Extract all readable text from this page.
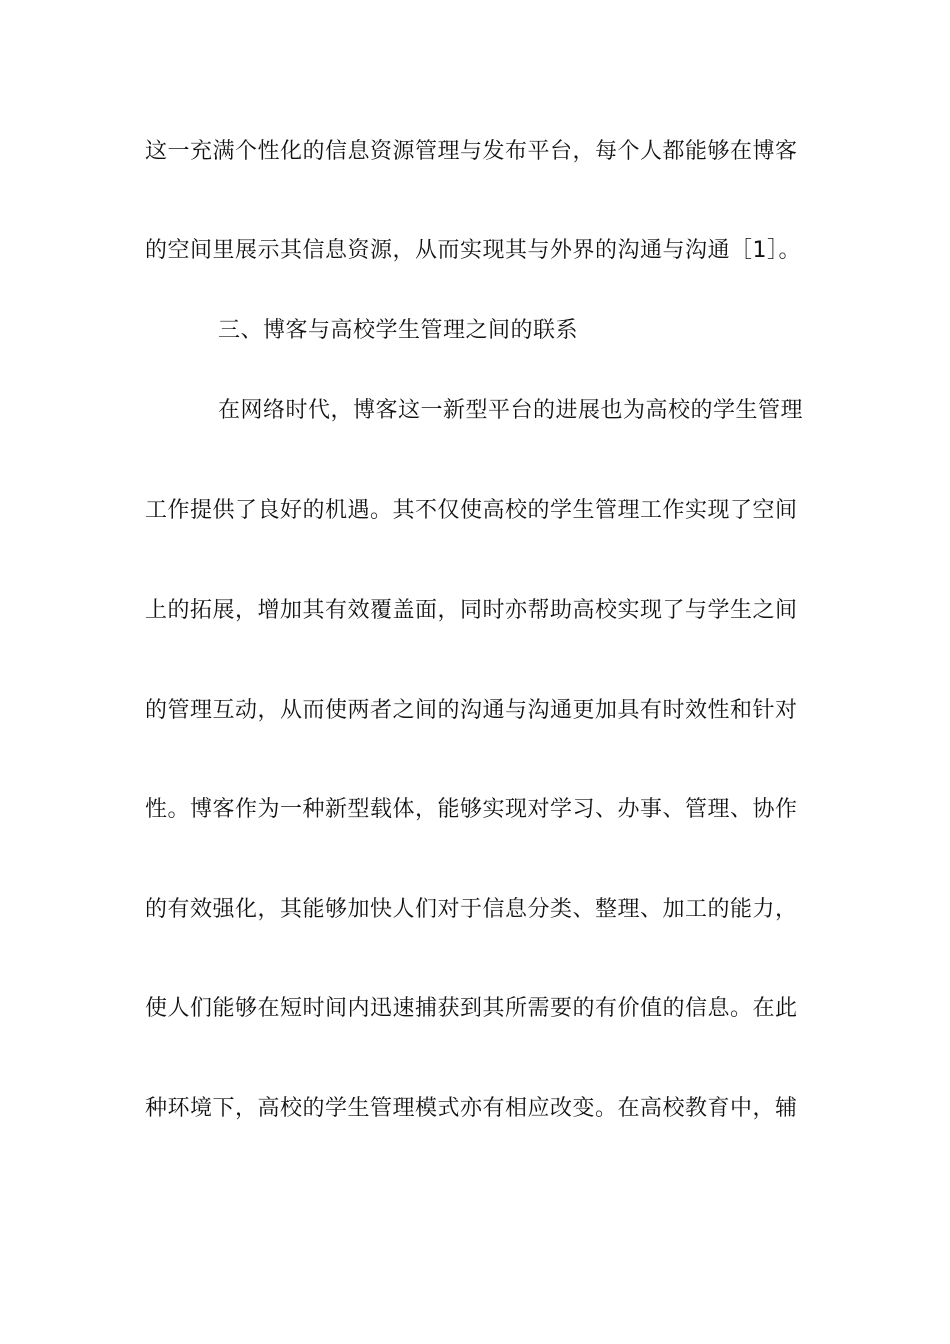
这一充满个性化的信息资源管理与发布平台，每个人都能够在博客
的空间里展示其信息资源，从而实现其与外界的沟通与沟通［1］。
三、博客与高校学生管理之间的联系
在网络时代，博客这一新型平台的进展也为高校的学生管理
工作提供了良好的机遇。其不仅使高校的学生管理工作实现了空间
上的拓展，增加其有效覆盖面，同时亦帮助高校实现了与学生之间
的管理互动，从而使两者之间的沟通与沟通更加具有时效性和针对
性。博客作为一种新型载体，能够实现对学习、办事、管理、协作
的有效强化，其能够加快人们对于信息分类、整理、加工的能力，
使人们能够在短时间内迅速捕获到其所需要的有价值的信息。在此
种环境下，高校的学生管理模式亦有相应改变。在高校教育中，辅
